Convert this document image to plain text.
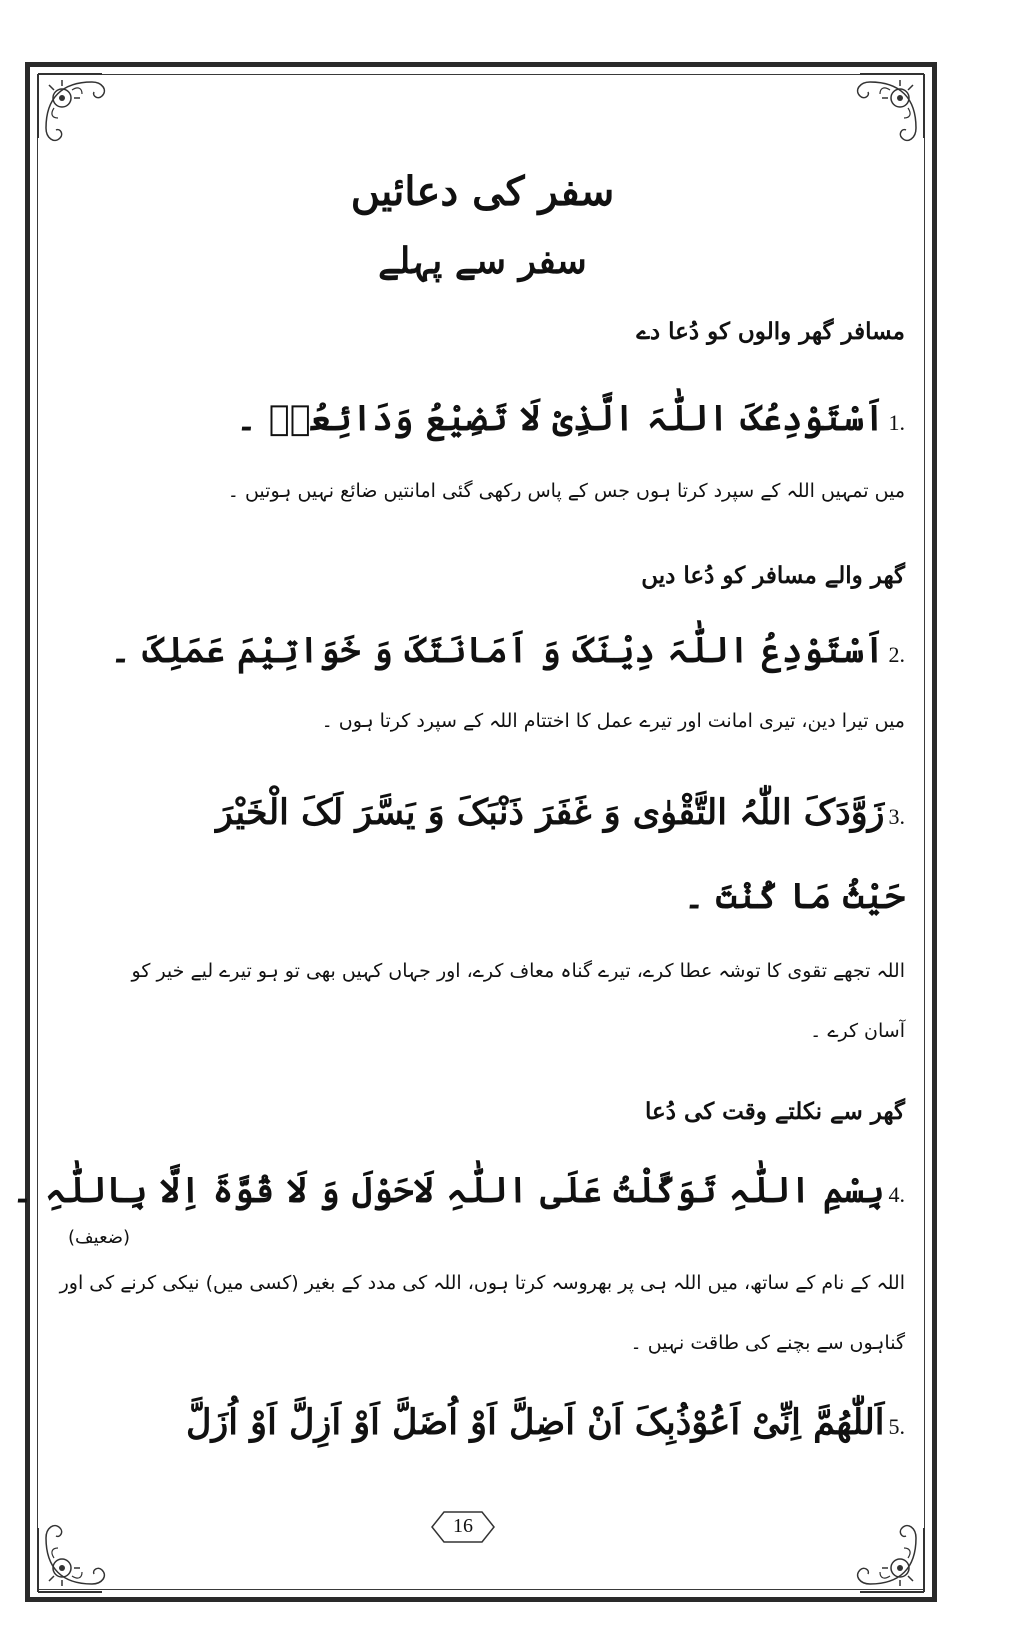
سفر کی دعائیں
سفر سے پہلے
مسافر گھر والوں کو دُعا دے
1.اَسْتَوْدِعُکَ اللّٰہَ الَّذِیْ لَا تَضِیْعُ وَدَائِعُہٗ ۔
میں تمہیں اللہ کے سپرد کرتا ہوں جس کے پاس رکھی گئی امانتیں ضائع نہیں ہوتیں ۔
گھر والے مسافر کو دُعا دیں
2.اَسْتَوْدِعُ اللّٰہَ دِیْنَکَ وَ اَمَانَتَکَ وَ خَوَاتِیْمَ عَمَلِکَ ۔
میں تیرا دین، تیری امانت اور تیرے عمل کا اختتام اللہ کے سپرد کرتا ہوں ۔
3.زَوَّدَکَ اللّٰہُ التَّقْوٰی وَ غَفَرَ ذَنْبَکَ وَ یَسَّرَ لَکَ الْخَیْرَ
حَیْثُ مَا کُنْتَ ۔
اللہ تجھے تقوی کا توشہ عطا کرے، تیرے گناہ معاف کرے، اور جہاں کہیں بھی تو ہو تیرے لیے خیر کو
آسان کرے ۔
گھر سے نکلتے وقت کی دُعا
4.بِسْمِ اللّٰہِ تَوَکَّلْتُ عَلَی اللّٰہِ لَاحَوْلَ وَ لَا قُوَّۃَ اِلَّا بِاللّٰہِ ۔
(ضعیف)
اللہ کے نام کے ساتھ، میں اللہ ہی پر بھروسہ کرتا ہوں، اللہ کی مدد کے بغیر (کسی میں) نیکی کرنے کی اور
گناہوں سے بچنے کی طاقت نہیں ۔
5.اَللّٰھُمَّ اِنِّیْ اَعُوْذُبِکَ اَنْ اَضِلَّ اَوْ اُضَلَّ اَوْ اَزِلَّ اَوْ اُزَلَّ
16
